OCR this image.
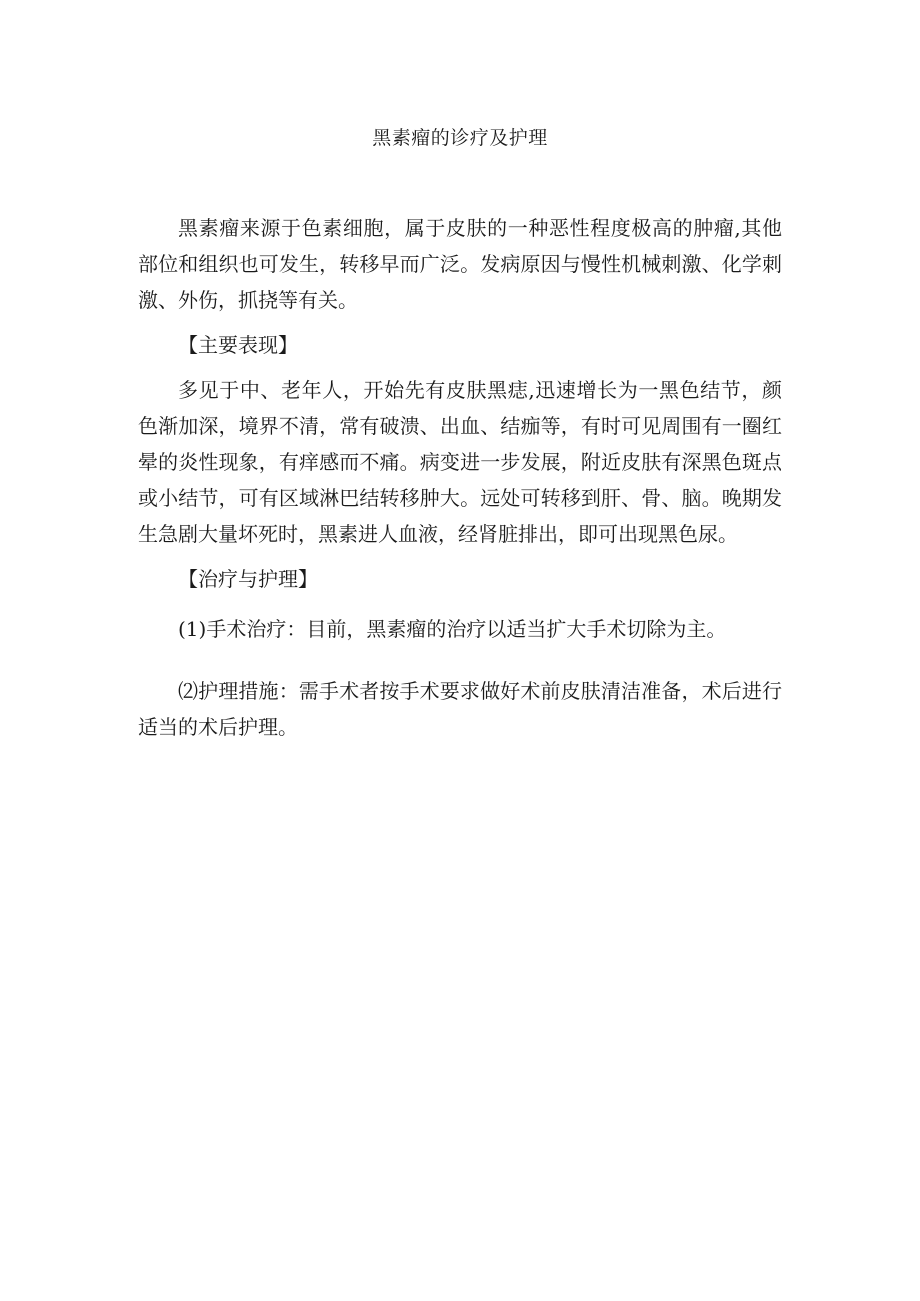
黑素瘤的诊疗及护理

黑素瘤来源于色素细胞，属于皮肤的一种恶性程度极高的肿瘤,其他部位和组织也可发生，转移早而广泛。发病原因与慢性机械刺激、化学刺激、外伤，抓挠等有关。

【主要表现】

多见于中、老年人，开始先有皮肤黑痣,迅速增长为一黑色结节，颜色渐加深，境界不清，常有破溃、出血、结痂等，有时可见周围有一圈红晕的炎性现象，有痒感而不痛。病变进一步发展，附近皮肤有深黑色斑点或小结节，可有区域淋巴结转移肿大。远处可转移到肝、骨、脑。晚期发生急剧大量坏死时，黑素进人血液，经肾脏排出，即可出现黑色尿。

【治疗与护理】

(1)手术治疗：目前，黑素瘤的治疗以适当扩大手术切除为主。

⑵护理措施：需手术者按手术要求做好术前皮肤清洁准备，术后进行适当的术后护理。
